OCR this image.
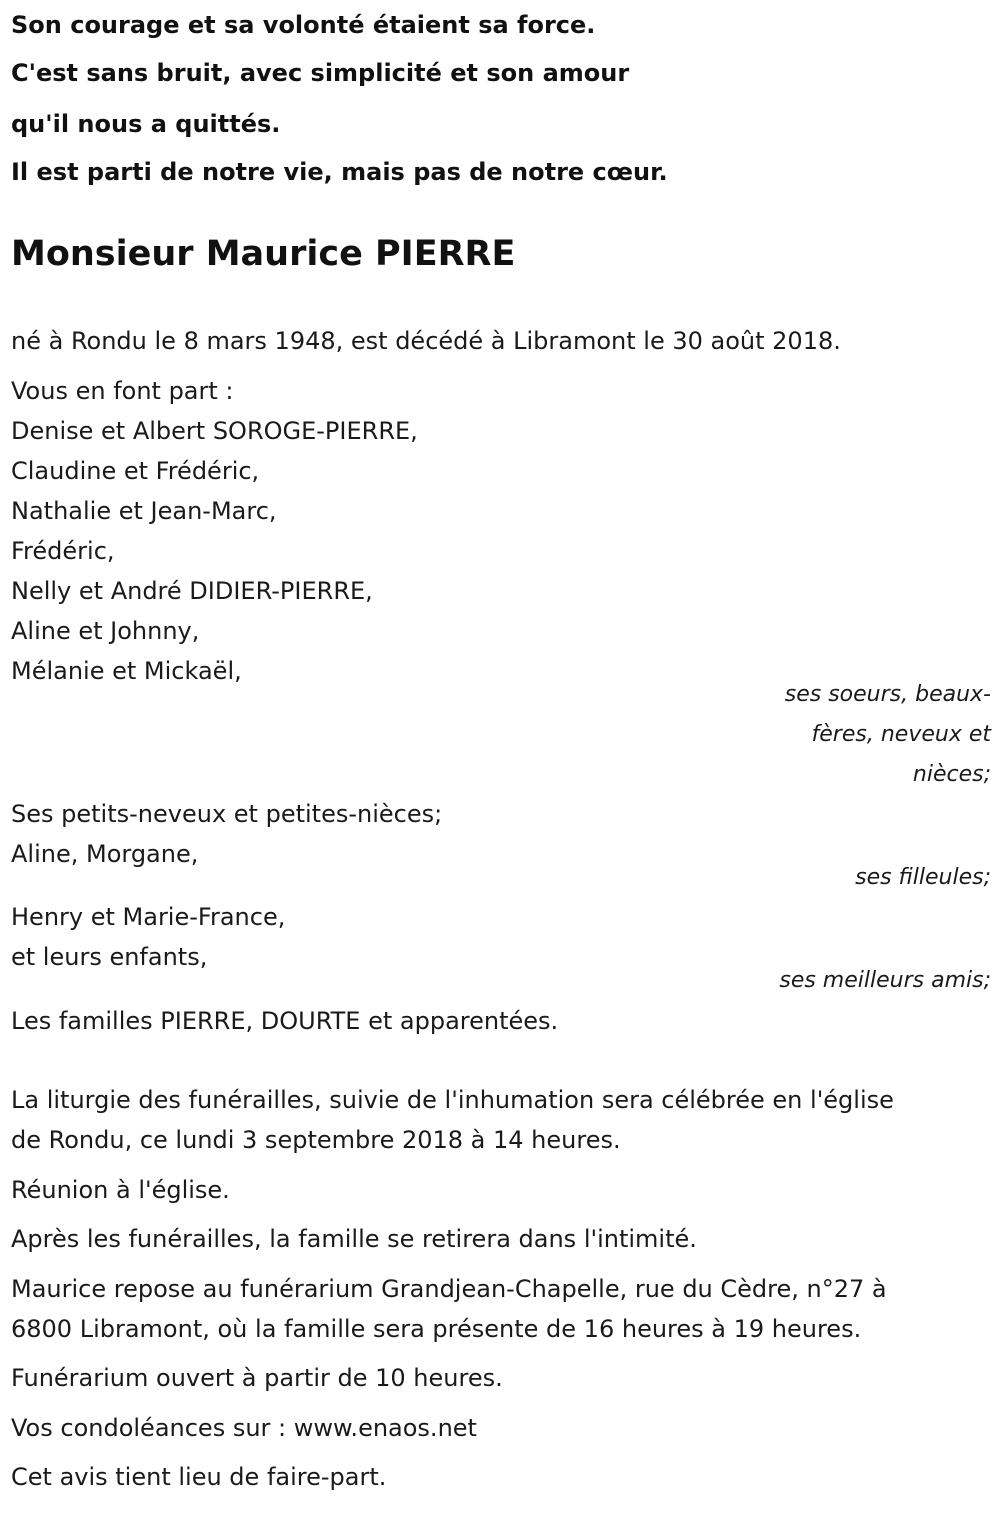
Son courage et sa volonté étaient sa force.
C'est sans bruit, avec simplicité et son amour
qu'il nous a quittés.
Il est parti de notre vie, mais pas de notre cœur.
Monsieur Maurice PIERRE
né à Rondu le 8 mars 1948, est décédé à Libramont le 30 août 2018.
Vous en font part :
Denise et Albert SOROGE-PIERRE,
Claudine et Frédéric,
Nathalie et Jean-Marc,
Frédéric,
Nelly et André DIDIER-PIERRE,
Aline et Johnny,
Mélanie et Mickaël,
ses soeurs, beaux-
fères, neveux et
nièces;
Ses petits-neveux et petites-nièces;
Aline, Morgane,
ses filleules;
Henry et Marie-France,
et leurs enfants,
ses meilleurs amis;
Les familles PIERRE, DOURTE et apparentées.
La liturgie des funérailles, suivie de l'inhumation sera célébrée en l'église
de Rondu, ce lundi 3 septembre 2018 à 14 heures.
Réunion à l'église.
Après les funérailles, la famille se retirera dans l'intimité.
Maurice repose au funérarium Grandjean-Chapelle, rue du Cèdre, n°27 à
6800 Libramont, où la famille sera présente de 16 heures à 19 heures.
Funérarium ouvert à partir de 10 heures.
Vos condoléances sur : www.enaos.net
Cet avis tient lieu de faire-part.
